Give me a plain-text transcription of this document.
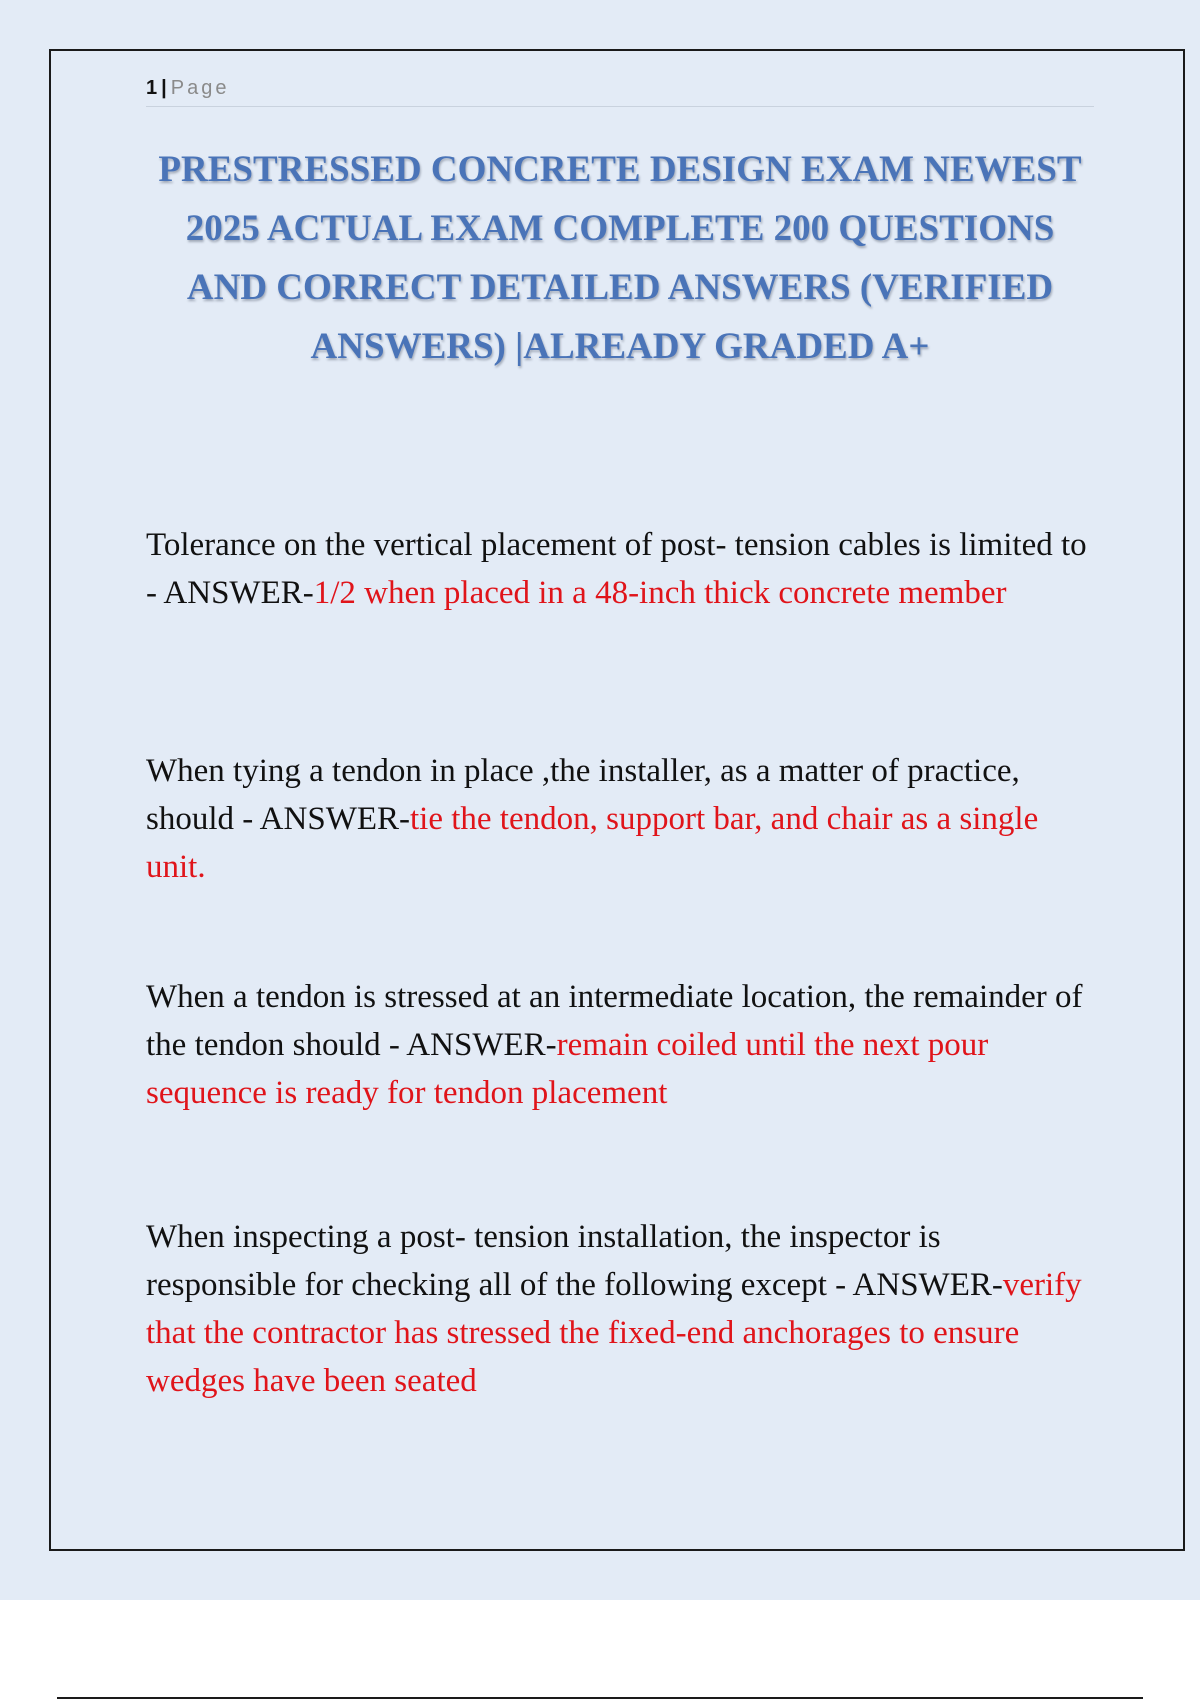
1 | Page
PRESTRESSED CONCRETE DESIGN EXAM NEWEST 2025 ACTUAL EXAM COMPLETE 200 QUESTIONS AND CORRECT DETAILED ANSWERS (VERIFIED ANSWERS) |ALREADY GRADED A+

Tolerance on the vertical placement of post- tension cables is limited to - ANSWER-1/2 when placed in a 48-inch thick concrete member

When tying a tendon in place ,the installer, as a matter of practice, should - ANSWER-tie the tendon, support bar, and chair as a single unit.

When a tendon is stressed at an intermediate location, the remainder of the tendon should - ANSWER-remain coiled until the next pour sequence is ready for tendon placement

When inspecting a post- tension installation, the inspector is responsible for checking all of the following except - ANSWER-verify that the contractor has stressed the fixed-end anchorages to ensure wedges have been seated
